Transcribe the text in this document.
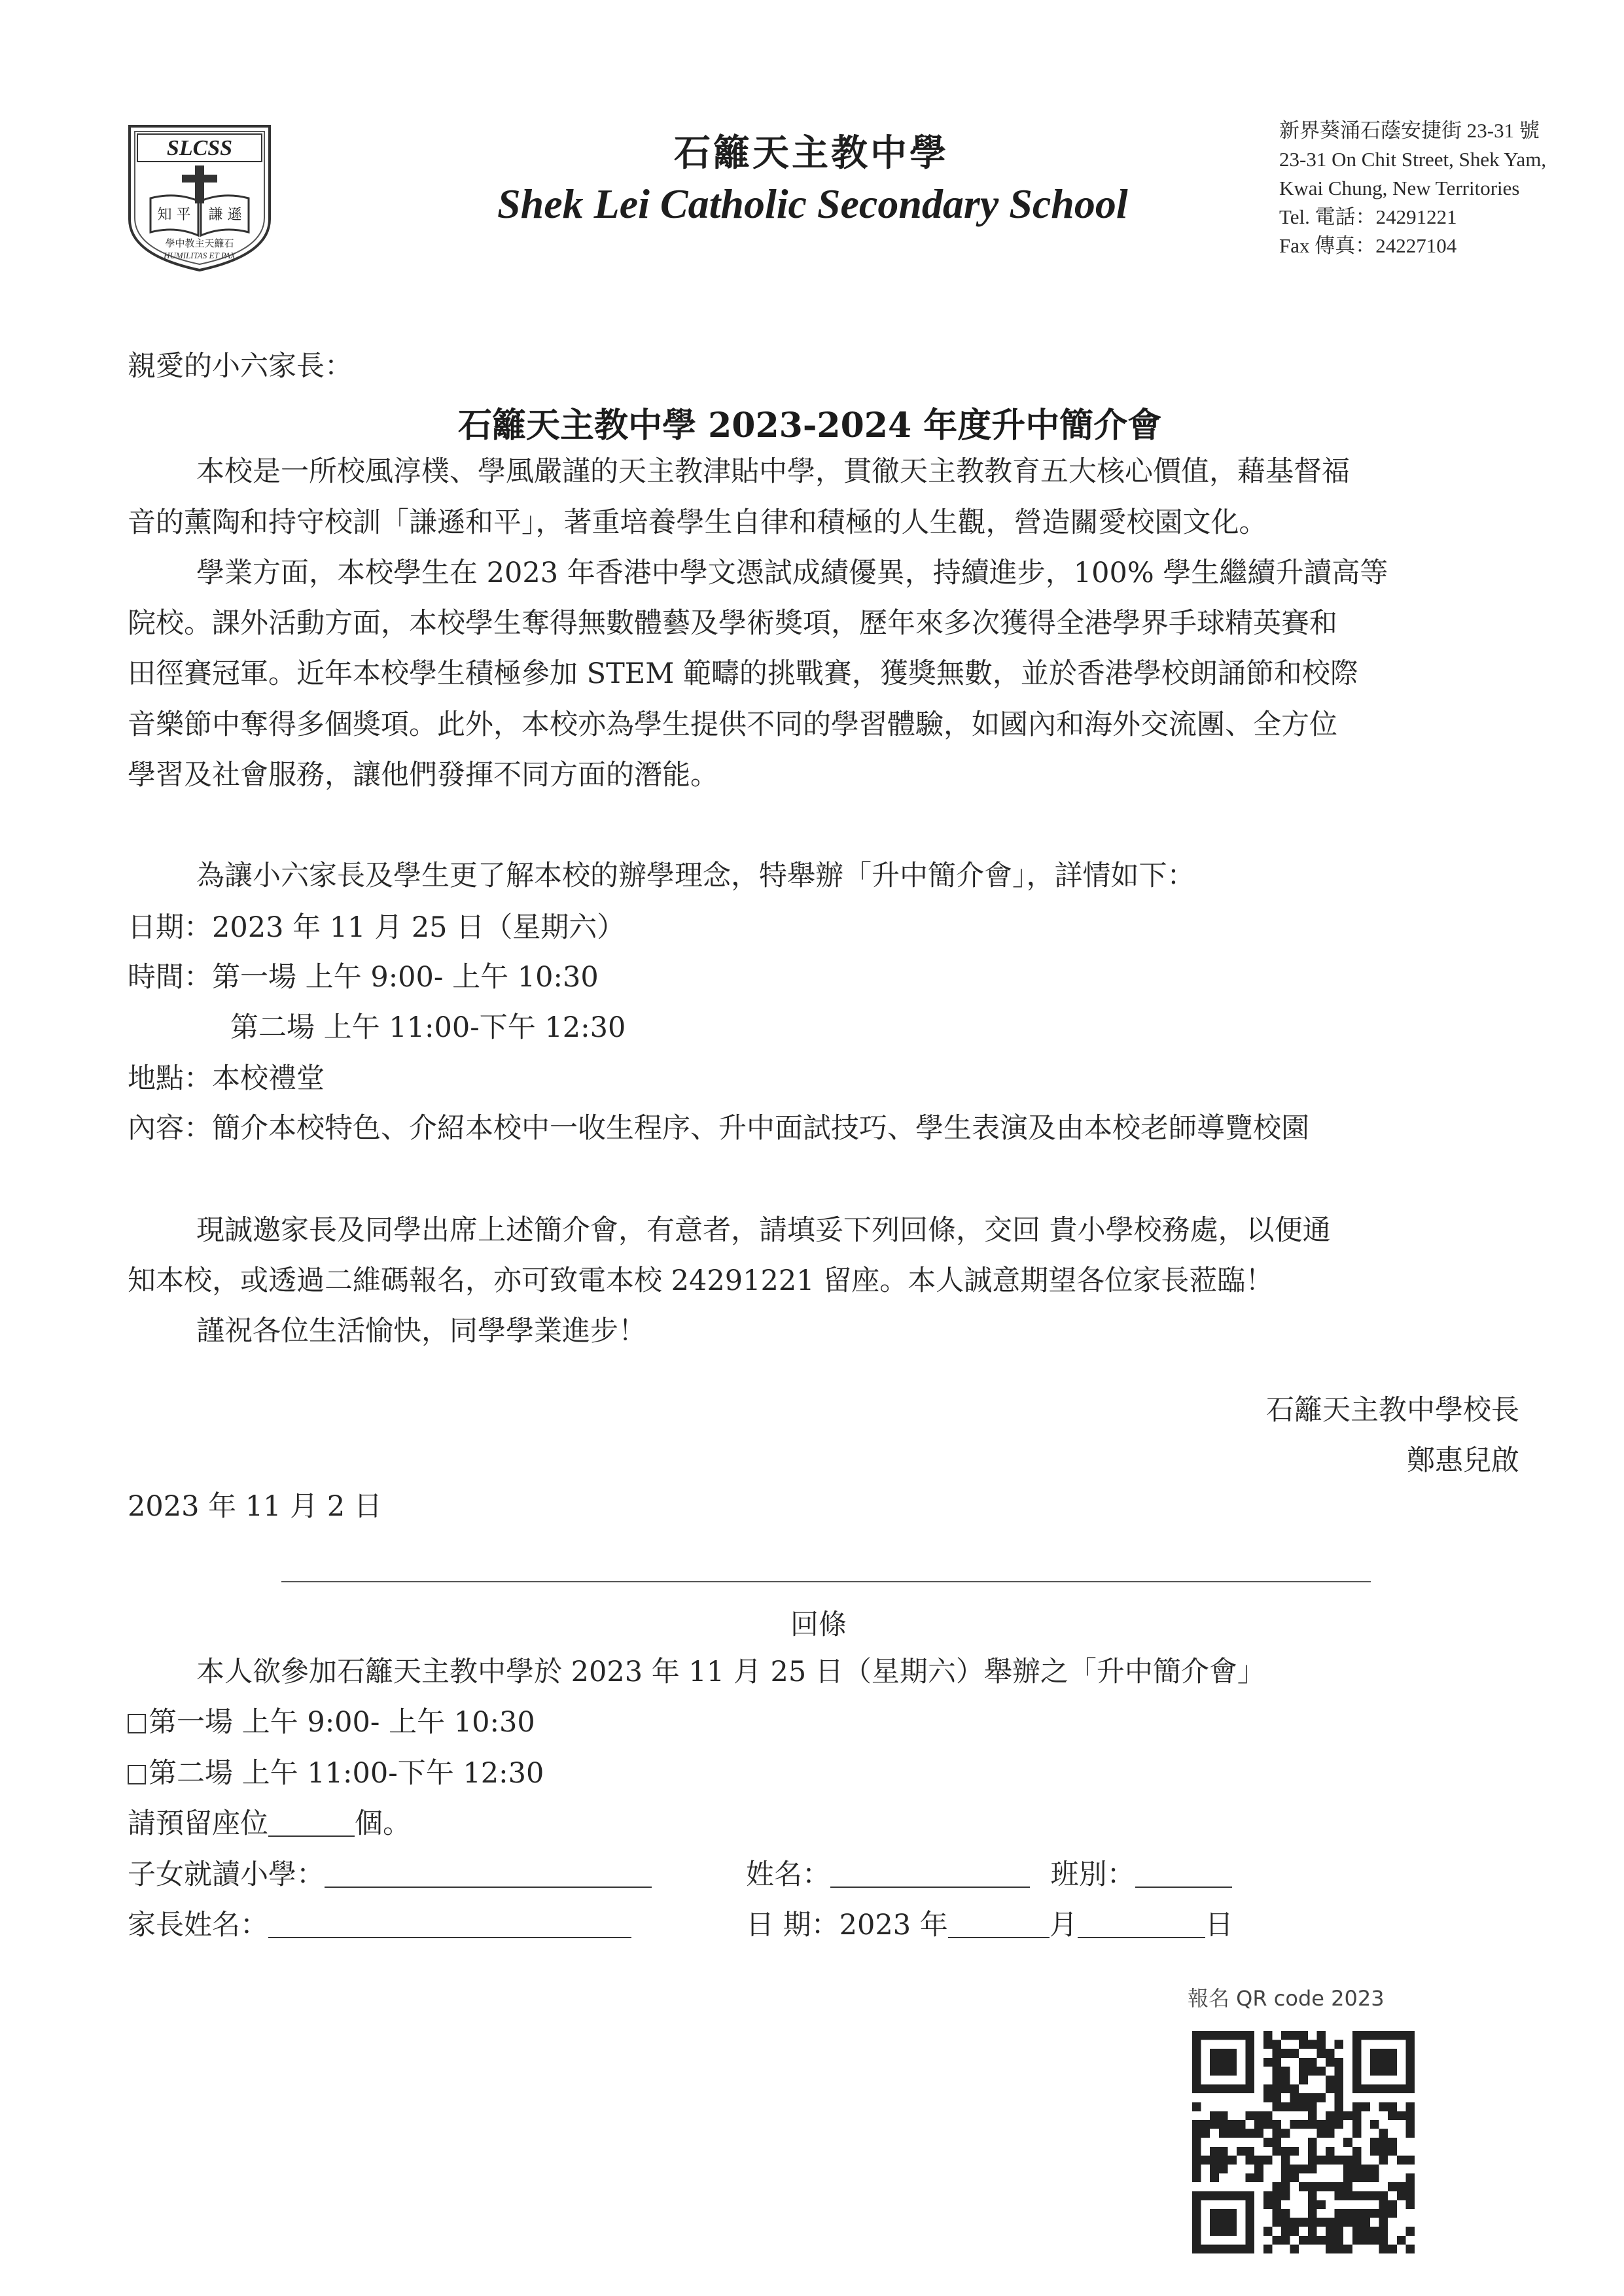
SLCSS
知 平 謙 遜
學中教主天籬石
HUMILITAS ET PAX
石籬天主教中學
Shek Lei Catholic Secondary School
新界葵涌石蔭安捷街 23-31 號
23-31 On Chit Street, Shek Yam,
Kwai Chung, New Territories
Tel. 電話：24291221
Fax 傳真：24227104
親愛的小六家長：
石籬天主教中學 2023-2024 年度升中簡介會
本校是一所校風淳樸、學風嚴謹的天主教津貼中學，貫徹天主教教育五大核心價值，藉基督福
音的薰陶和持守校訓「謙遜和平」，著重培養學生自律和積極的人生觀，營造關愛校園文化。
學業方面，本校學生在 2023 年香港中學文憑試成績優異，持續進步，100% 學生繼續升讀高等
院校。課外活動方面，本校學生奪得無數體藝及學術獎項，歷年來多次獲得全港學界手球精英賽和
田徑賽冠軍。近年本校學生積極參加 STEM 範疇的挑戰賽，獲獎無數，並於香港學校朗誦節和校際
音樂節中奪得多個獎項。此外，本校亦為學生提供不同的學習體驗，如國內和海外交流團、全方位
學習及社會服務，讓他們發揮不同方面的潛能。
為讓小六家長及學生更了解本校的辦學理念，特舉辦「升中簡介會」，詳情如下：
日期：2023 年 11 月 25 日（星期六）
時間：第一場 上午 9:00- 上午 10:30
第二場 上午 11:00-下午 12:30
地點：本校禮堂
內容：簡介本校特色、介紹本校中一收生程序、升中面試技巧、學生表演及由本校老師導覽校園
現誠邀家長及同學出席上述簡介會，有意者，請填妥下列回條，交回 貴小學校務處，以便通
知本校，或透過二維碼報名，亦可致電本校 24291221 留座。本人誠意期望各位家長蒞臨！
謹祝各位生活愉快，同學學業進步！
石籬天主教中學校長
鄭惠兒啟
2023 年 11 月 2 日
回條
本人欲參加石籬天主教中學於 2023 年 11 月 25 日（星期六）舉辦之「升中簡介會」
第一場 上午 9:00- 上午 10:30
第二場 上午 11:00-下午 12:30
請預留座位	個。
子女就讀小學：	姓名：	班別：
家長姓名：	日 期：2023 年	月	日
報名 QR code 2023
